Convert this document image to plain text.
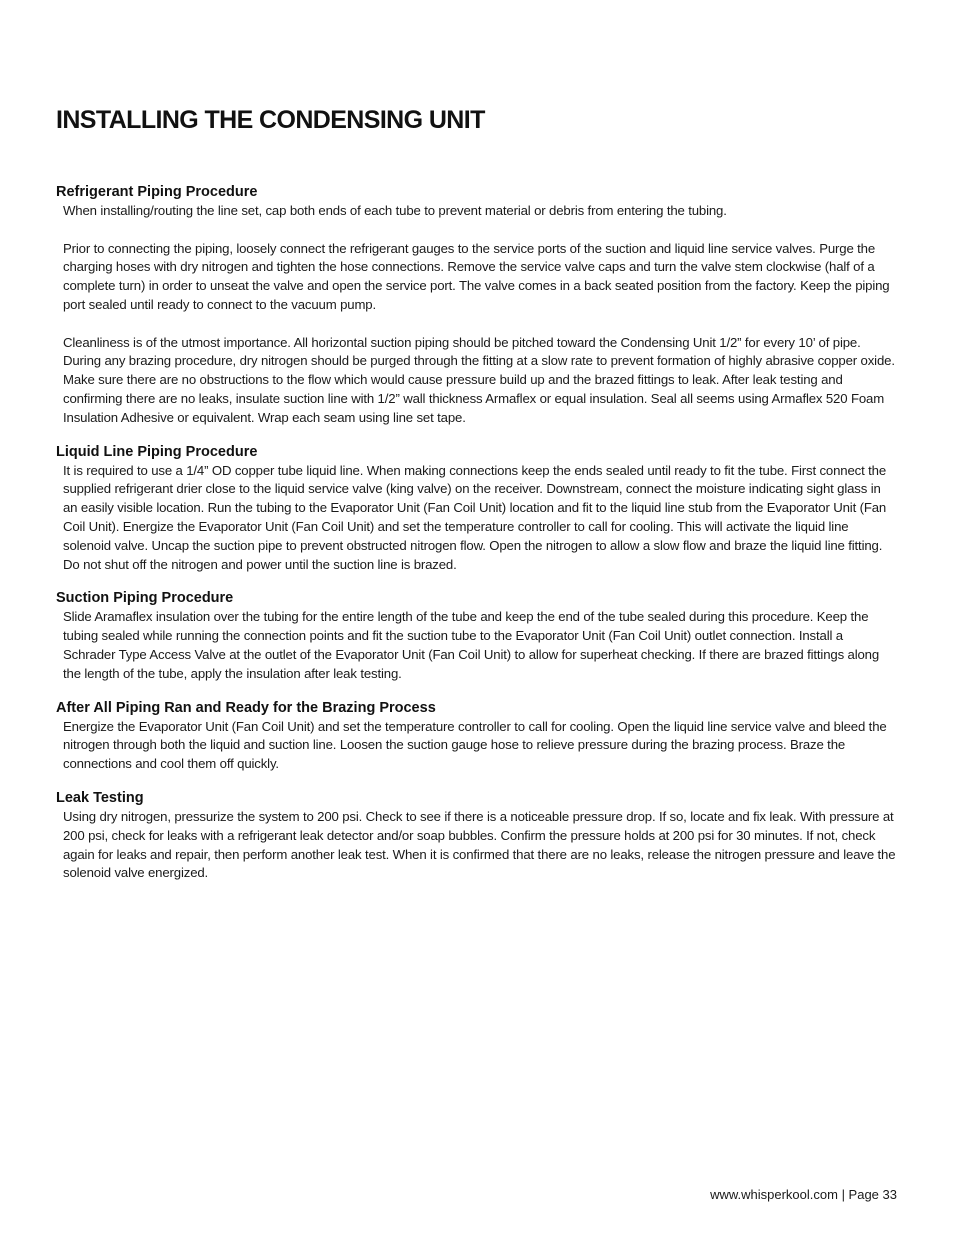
INSTALLING THE CONDENSING UNIT
Refrigerant Piping Procedure

When installing/routing the line set, cap both ends of each tube to prevent material or debris from entering the tubing.

Prior to connecting the piping, loosely connect the refrigerant gauges to the service ports of the suction and liquid line service valves. Purge the charging hoses with dry nitrogen and tighten the hose connections. Remove the service valve caps and turn the valve stem clockwise (half of a complete turn) in order to unseat the valve and open the service port. The valve comes in a back seated position from the factory. Keep the piping port sealed until ready to connect to the vacuum pump.

Cleanliness is of the utmost importance. All horizontal suction piping should be pitched toward the Condensing Unit 1/2” for every 10’ of pipe. During any brazing procedure, dry nitrogen should be purged through the fitting at a slow rate to prevent formation of highly abrasive copper oxide. Make sure there are no obstructions to the flow which would cause pressure build up and the brazed fittings to leak. After leak testing and confirming there are no leaks, insulate suction line with 1/2” wall thickness Armaflex or equal insulation. Seal all seems using Armaflex 520 Foam Insulation Adhesive or equivalent. Wrap each seam using line set tape.

Liquid Line Piping Procedure

It is required to use a 1/4” OD copper tube liquid line. When making connections keep the ends sealed until ready to fit the tube. First connect the supplied refrigerant drier close to the liquid service valve (king valve) on the receiver. Downstream, connect the moisture indicating sight glass in an easily visible location. Run the tubing to the Evaporator Unit (Fan Coil Unit) location and fit to the liquid line stub from the Evaporator Unit (Fan Coil Unit). Energize the Evaporator Unit (Fan Coil Unit) and set the temperature controller to call for cooling. This will activate the liquid line solenoid valve. Uncap the suction pipe to prevent obstructed nitrogen flow. Open the nitrogen to allow a slow flow and braze the liquid line fitting. Do not shut off the nitrogen and power until the suction line is brazed.

Suction Piping Procedure

Slide Aramaflex insulation over the tubing for the entire length of the tube and keep the end of the tube sealed during this procedure. Keep the tubing sealed while running the connection points and fit the suction tube to the Evaporator Unit (Fan Coil Unit) outlet connection. Install a Schrader Type Access Valve at the outlet of the Evaporator Unit (Fan Coil Unit) to allow for superheat checking. If there are brazed fittings along the length of the tube, apply the insulation after leak testing.

After All Piping Ran and Ready for the Brazing Process

Energize the Evaporator Unit (Fan Coil Unit) and set the temperature controller to call for cooling. Open the liquid line service valve and bleed the nitrogen through both the liquid and suction line. Loosen the suction gauge hose to relieve pressure during the brazing process. Braze the connections and cool them off quickly.

Leak Testing

Using dry nitrogen, pressurize the system to 200 psi. Check to see if there is a noticeable pressure drop. If so, locate and fix leak. With pressure at 200 psi, check for leaks with a refrigerant leak detector and/or soap bubbles. Confirm the pressure holds at 200 psi for 30 minutes. If not, check again for leaks and repair, then perform another leak test. When it is confirmed that there are no leaks, release the nitrogen pressure and leave the solenoid valve energized.

www.whisperkool.com | Page 33
